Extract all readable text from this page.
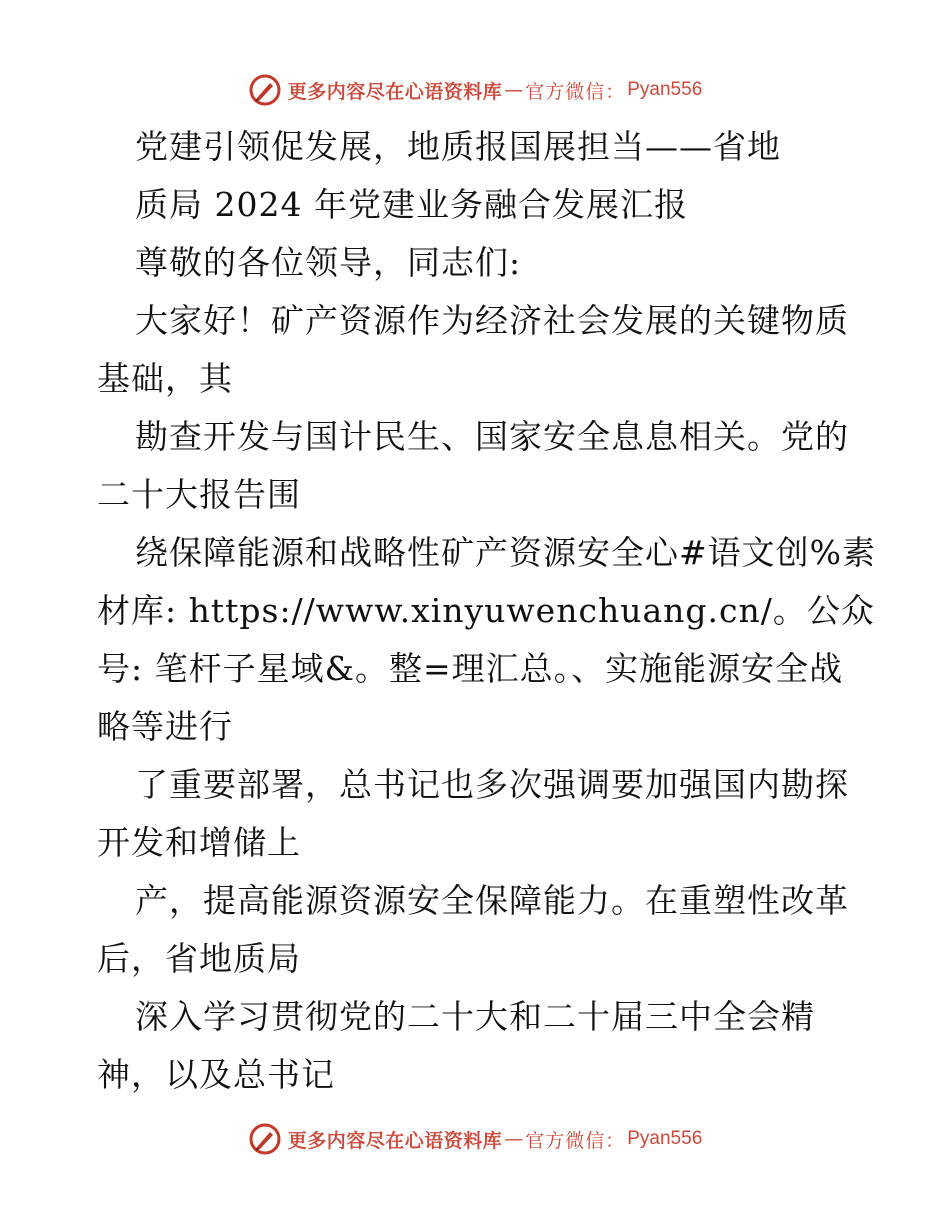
更多内容尽在心语资料库 — 官方微信： Pyan556
党建引领促发展，地质报国展担当——省地
质局 2024 年党建业务融合发展汇报
尊敬的各位领导，同志们:
大家好！矿产资源作为经济社会发展的关键物质
基础，其
勘查开发与国计民生、国家安全息息相关。党的
二十大报告围
绕保障能源和战略性矿产资源安全心#语文创%素
材库: https://www.xinyuwenchuang.cn/。公众
号: 笔杆子星域&。整=理汇总。、实施能源安全战
略等进行
了重要部署，总书记也多次强调要加强国内勘探
开发和增储上
产，提高能源资源安全保障能力。在重塑性改革
后，省地质局
深入学习贯彻党的二十大和二十届三中全会精
神，以及总书记
更多内容尽在心语资料库 — 官方微信： Pyan556
